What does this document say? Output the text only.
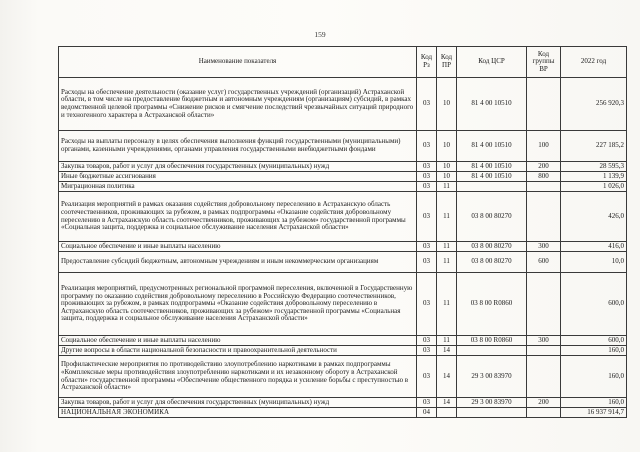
159
Наименование показателя	Код Рз	Код ПР	Код ЦСР	Код группы ВР	2022 год
Расходы на обеспечение деятельности (оказание услуг) государственных учреждений (организаций) Астраханской области, в том числе на предоставление бюджетным и автономным учреждениям (организациям) субсидий, в рамках ведомственной целевой программы «Снижение рисков и смягчение последствий чрезвычайных ситуаций природного и техногенного характера в Астраханской области»	03	10	81 4 00 10510		256 920,3
Расходы на выплаты персоналу в целях обеспечения выполнения функций государственными (муниципальными) органами, казенными учреждениями, органами управления государственными внебюджетными фондами	03	10	81 4 00 10510	100	227 185,2
Закупка товаров, работ и услуг для обеспечения государственных (муниципальных) нужд	03	10	81 4 00 10510	200	28 595,3
Иные бюджетные ассигнования	03	10	81 4 00 10510	800	1 139,9
Миграционная политика	03	11			1 026,0
Реализация мероприятий в рамках оказания содействия добровольному переселению в Астраханскую область соотечественников, проживающих за рубежом, в рамках подпрограммы «Оказание содействия добровольному переселению в Астраханскую область соотечественников, проживающих за рубежом» государственной программы «Социальная защита, поддержка и социальное обслуживание населения Астраханской области»	03	11	03 8 00 80270		426,0
Социальное обеспечение и иные выплаты населению	03	11	03 8 00 80270	300	416,0
Предоставление субсидий бюджетным, автономным учреждениям и иным некоммерческим организациям	03	11	03 8 00 80270	600	10,0
Реализация мероприятий, предусмотренных региональной программой переселения, включенной в Государственную программу по оказанию содействия добровольному переселению в Российскую Федерацию соотечественников, проживающих за рубежом, в рамках подпрограммы «Оказание содействия добровольному переселению в Астраханскую область соотечественников, проживающих за рубежом» государственной программы «Социальная защита, поддержка и социальное обслуживание населения Астраханской области»	03	11	03 8 00 R0860		600,0
Социальное обеспечение и иные выплаты населению	03	11	03 8 00 R0860	300	600,0
Другие вопросы в области национальной безопасности и правоохранительной деятельности	03	14			160,0
Профилактические мероприятия по противодействию злоупотреблению наркотиками в рамках подпрограммы «Комплексные меры противодействия злоупотреблению наркотиками и их незаконному обороту в Астраханской области» государственной программы «Обеспечение общественного порядка и усиление борьбы с преступностью в Астраханской области»	03	14	29 3 00 83970		160,0
Закупка товаров, работ и услуг для обеспечения государственных (муниципальных) нужд	03	14	29 3 00 83970	200	160,0
НАЦИОНАЛЬНАЯ ЭКОНОМИКА	04				16 937 914,7
